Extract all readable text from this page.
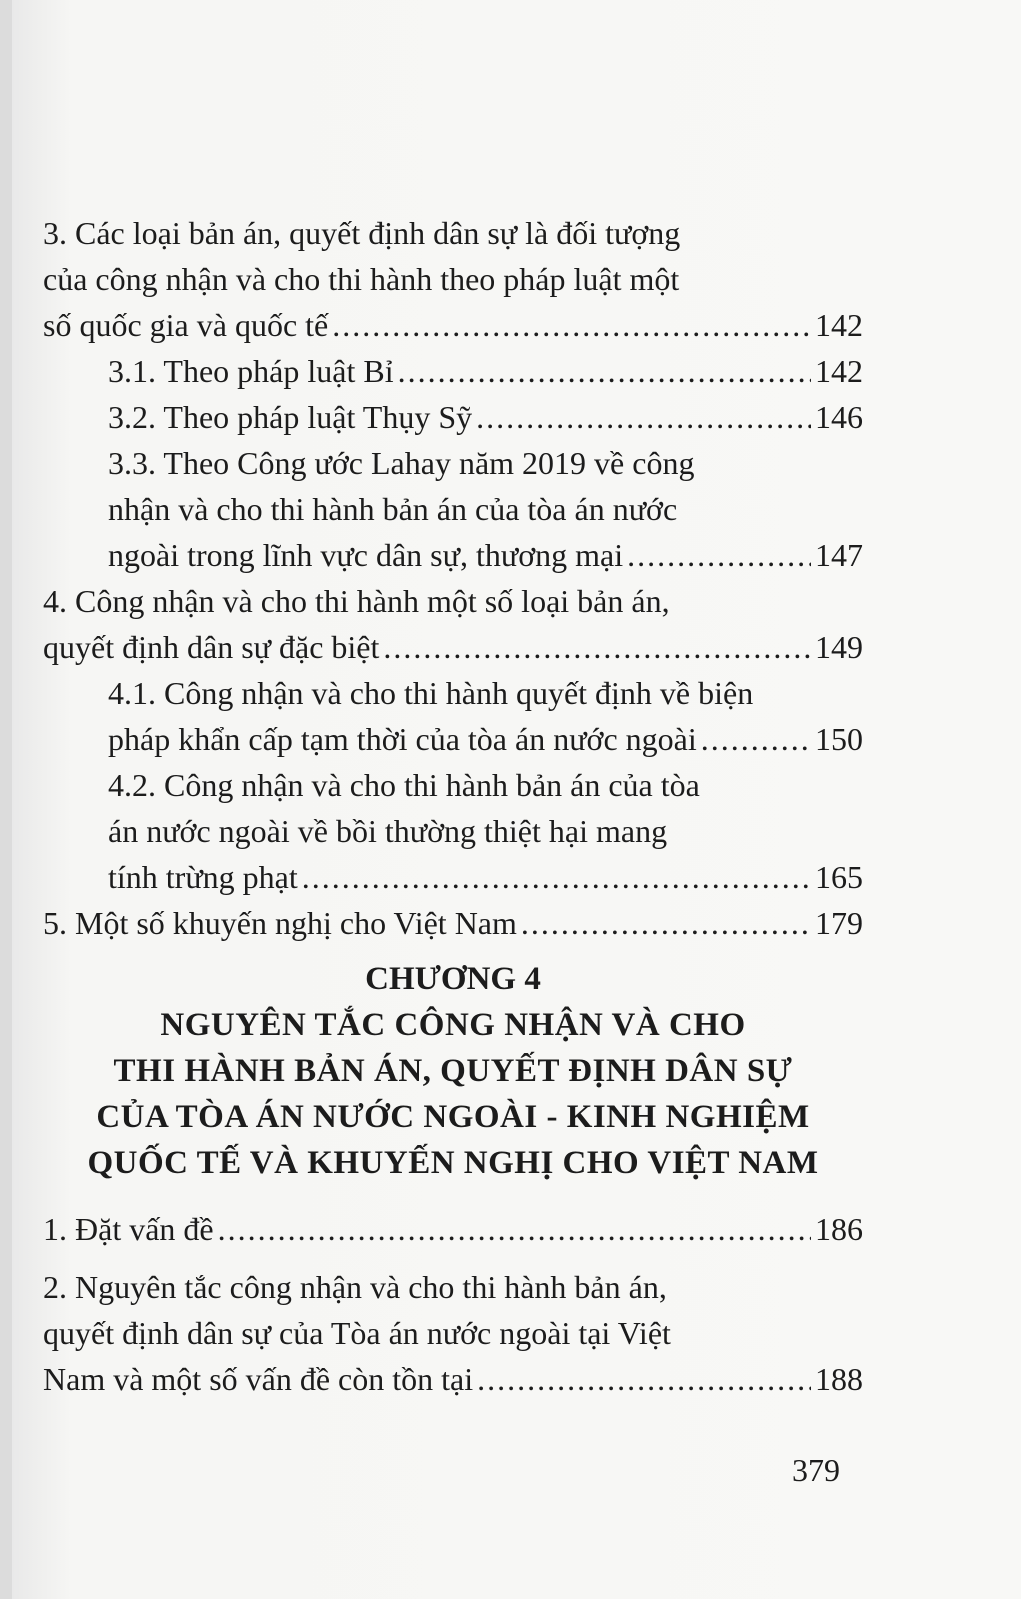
3. Các loại bản án, quyết định dân sự là đối tượng
của công nhận và cho thi hành theo pháp luật một
số quốc gia và quốc tế .....	142
3.1. Theo pháp luật Bỉ .....	142
3.2. Theo pháp luật Thụy Sỹ .....	146
3.3. Theo Công ước Lahay năm 2019 về công
nhận và cho thi hành bản án của tòa án nước
ngoài trong lĩnh vực dân sự, thương mại .....	147
4. Công nhận và cho thi hành một số loại bản án,
quyết định dân sự đặc biệt .....	149
4.1. Công nhận và cho thi hành quyết định về biện
pháp khẩn cấp tạm thời của tòa án nước ngoài .....	150
4.2. Công nhận và cho thi hành bản án của tòa
án nước ngoài về bồi thường thiệt hại mang
tính trừng phạt .....	165
5. Một số khuyến nghị cho Việt Nam .....	179
CHƯƠNG 4
NGUYÊN TẮC CÔNG NHẬN VÀ CHO
THI HÀNH BẢN ÁN, QUYẾT ĐỊNH DÂN SỰ
CỦA TÒA ÁN NƯỚC NGOÀI - KINH NGHIỆM
QUỐC TẾ VÀ KHUYẾN NGHỊ CHO VIỆT NAM
1. Đặt vấn đề .....	186
2. Nguyên tắc công nhận và cho thi hành bản án,
quyết định dân sự của Tòa án nước ngoài tại Việt
Nam và một số vấn đề còn tồn tại .....	188
379
